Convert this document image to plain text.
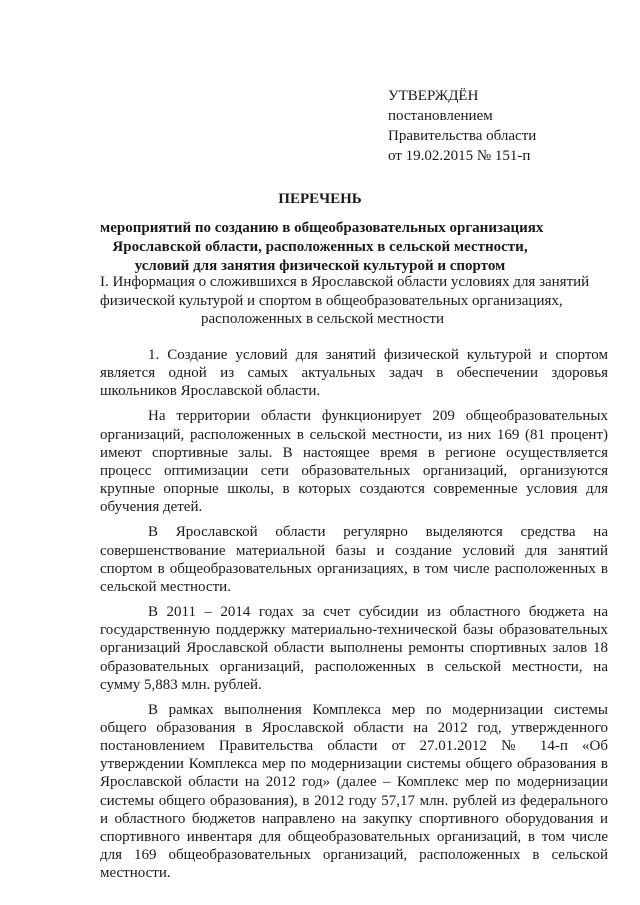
УТВЕРЖДЁН
постановлением
Правительства области
от 19.02.2015 № 151-п
ПЕРЕЧЕНЬ
мероприятий по созданию в общеобразовательных организациях
Ярославской области, расположенных в сельской местности,
условий для занятия физической культурой и спортом
I. Информация о сложившихся в Ярославской области условиях для занятий
физической культурой и спортом в общеобразовательных организациях,
расположенных в сельской местности

1. Создание условий для занятий физической культурой и спортом является одной из самых актуальных задач в обеспечении здоровья школьников Ярославской области.

На территории области функционирует 209 общеобразовательных организаций, расположенных в сельской местности, из них 169 (81 процент) имеют спортивные залы. В настоящее время в регионе осуществляется процесс оптимизации сети образовательных организаций, организуются крупные опорные школы, в которых создаются современные условия для обучения детей.

В Ярославской области регулярно выделяются средства на совершенствование материальной базы и создание условий для занятий спортом в общеобразовательных организациях, в том числе расположенных в сельской местности.

В 2011 – 2014 годах за счет субсидии из областного бюджета на государственную поддержку материально-технической базы образовательных организаций Ярославской области выполнены ремонты спортивных залов 18 образовательных организаций, расположенных в сельской местности, на сумму 5,883 млн. рублей.

В рамках выполнения Комплекса мер по модернизации системы общего образования в Ярославской области на 2012 год, утвержденного постановлением Правительства области от 27.01.2012 № 14-п «Об утверждении Комплекса мер по модернизации системы общего образования в Ярославской области на 2012 год» (далее – Комплекс мер по модернизации системы общего образования), в 2012 году 57,17 млн. рублей из федерального и областного бюджетов направлено на закупку спортивного оборудования и спортивного инвентаря для общеобразовательных организаций, в том числе для 169 общеобразовательных организаций, расположенных в сельской местности.
